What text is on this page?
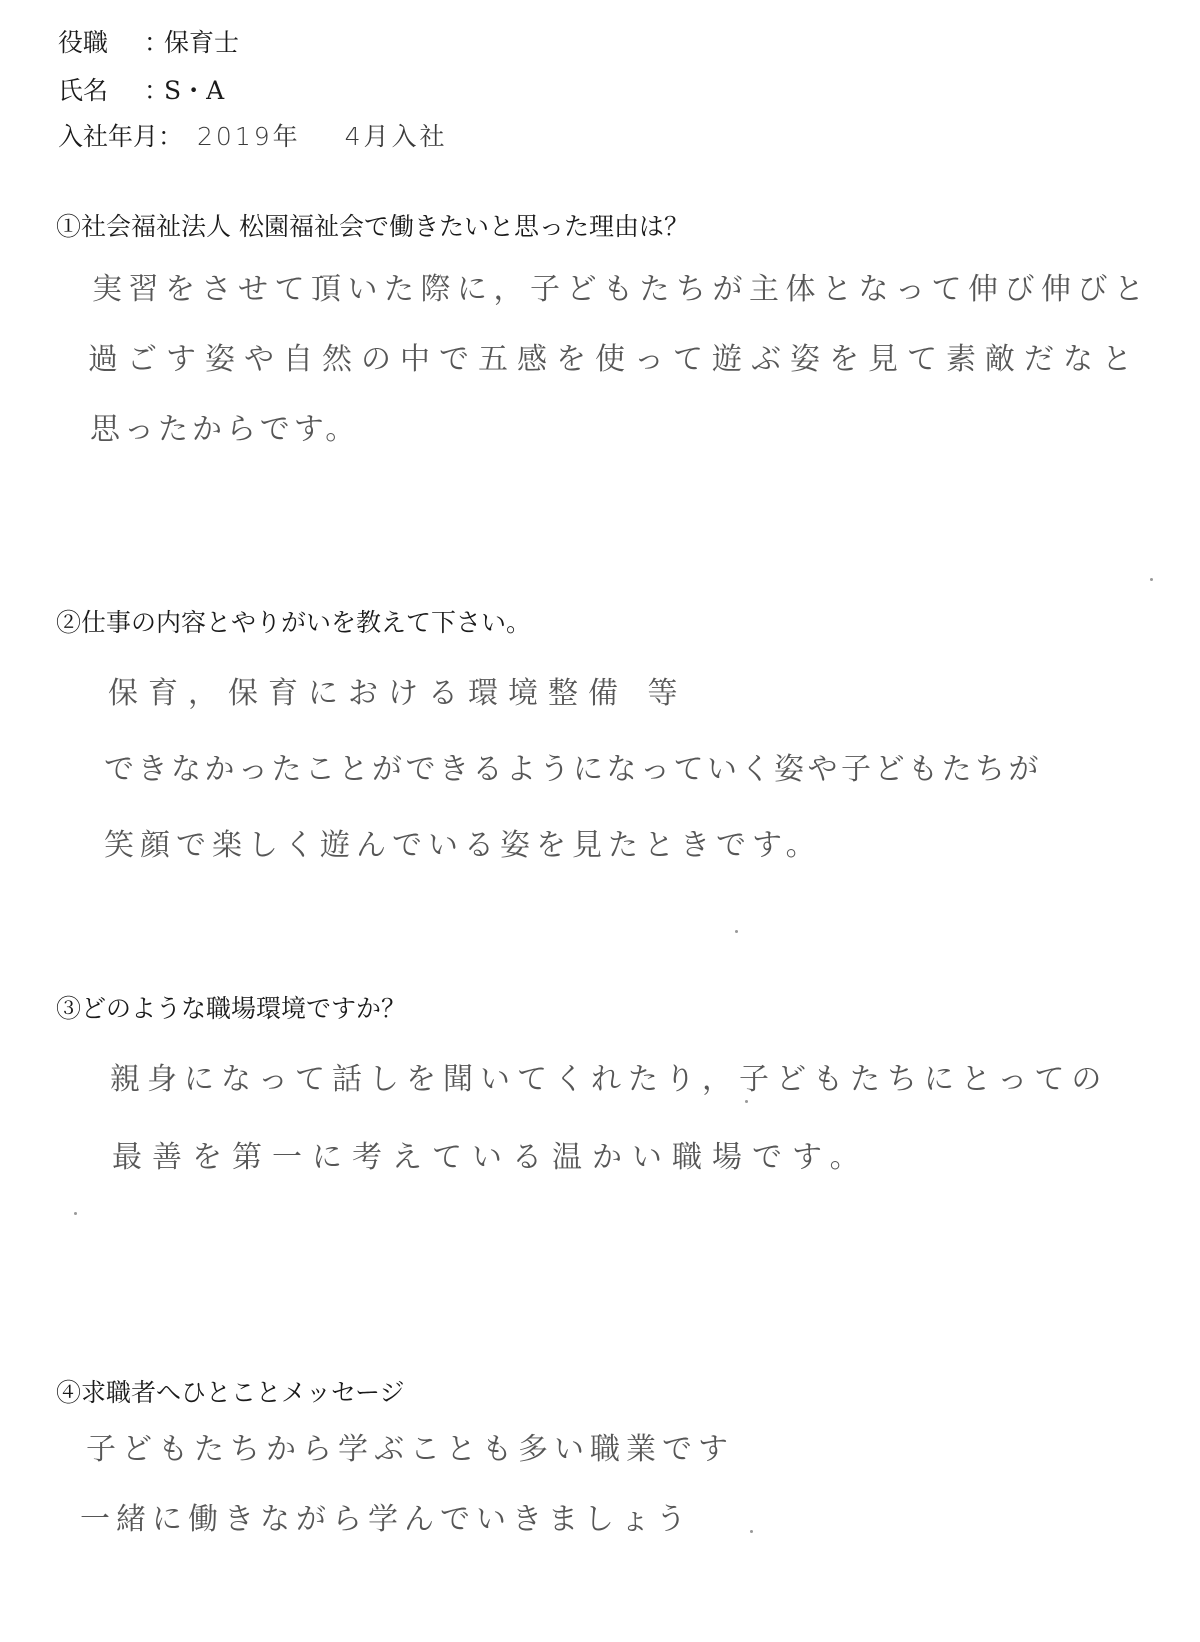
役職 ：保育士
氏名 ：S・A
入社年月： 2019年 4月入社
①社会福祉法人 松園福祉会で働きたいと思った理由は？
実習をさせて頂いた際に，子どもたちが主体となって伸び伸びと
過ごす姿や自然の中で五感を使って遊ぶ姿を見て素敵だなと
思ったからです。
②仕事の内容とやりがいを教えて下さい。
保育，保育における環境整備 等
できなかったことができるようになっていく姿や子どもたちが
笑顔で楽しく遊んでいる姿を見たときです。
③どのような職場環境ですか？
親身になって話しを聞いてくれたり，子どもたちにとっての
最善を第一に考えている温かい職場です。
④求職者へひとことメッセージ
子どもたちから学ぶことも多い職業です
一緒に働きながら学んでいきましょう
